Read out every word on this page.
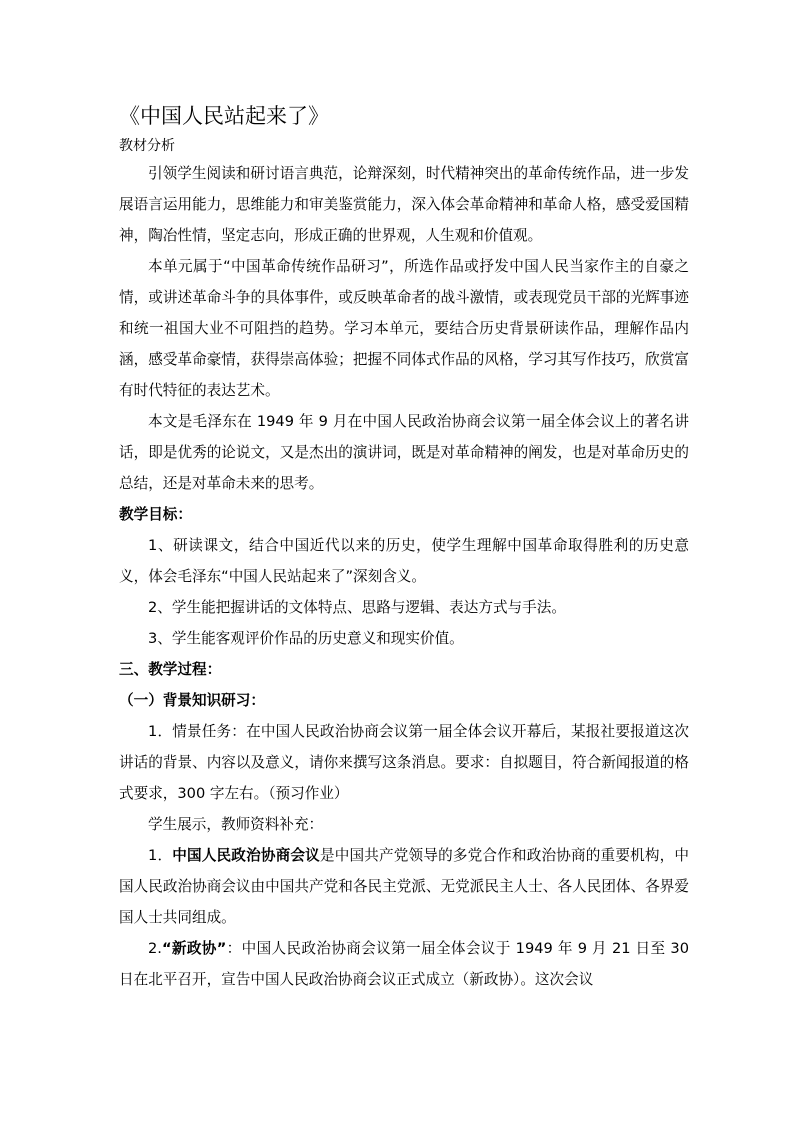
《中国人民站起来了》

教材分析

引领学生阅读和研讨语言典范，论辩深刻，时代精神突出的革命传统作品，进一步发展语言运用能力，思维能力和审美鉴赏能力，深入体会革命精神和革命人格，感受爱国精神，陶冶性情，坚定志向，形成正确的世界观，人生观和价值观。

本单元属于“中国革命传统作品研习”，所选作品或抒发中国人民当家作主的自豪之情，或讲述革命斗争的具体事件，或反映革命者的战斗激情，或表现党员干部的光辉事迹和统一祖国大业不可阻挡的趋势。学习本单元，要结合历史背景研读作品，理解作品内涵，感受革命豪情，获得崇高体验；把握不同体式作品的风格，学习其写作技巧，欣赏富有时代特征的表达艺术。

本文是毛泽东在 1949 年 9 月在中国人民政治协商会议第一届全体会议上的著名讲话，即是优秀的论说文，又是杰出的演讲词，既是对革命精神的阐发，也是对革命历史的总结，还是对革命未来的思考。

教学目标：

1、研读课文，结合中国近代以来的历史，使学生理解中国革命取得胜利的历史意义，体会毛泽东“中国人民站起来了”深刻含义。

2、学生能把握讲话的文体特点、思路与逻辑、表达方式与手法。

3、学生能客观评价作品的历史意义和现实价值。

三、教学过程：

（一）背景知识研习：

1．情景任务：在中国人民政治协商会议第一届全体会议开幕后，某报社要报道这次讲话的背景、内容以及意义，请你来撰写这条消息。要求：自拟题目，符合新闻报道的格式要求，300 字左右。（预习作业）

学生展示，教师资料补充：

1．中国人民政治协商会议是中国共产党领导的多党合作和政治协商的重要机构，中国人民政治协商会议由中国共产党和各民主党派、无党派民主人士、各人民团体、各界爱国人士共同组成。

2.“新政协”：中国人民政治协商会议第一届全体会议于 1949 年 9 月 21 日至 30 日在北平召开，宣告中国人民政治协商会议正式成立（新政协）。这次会议
